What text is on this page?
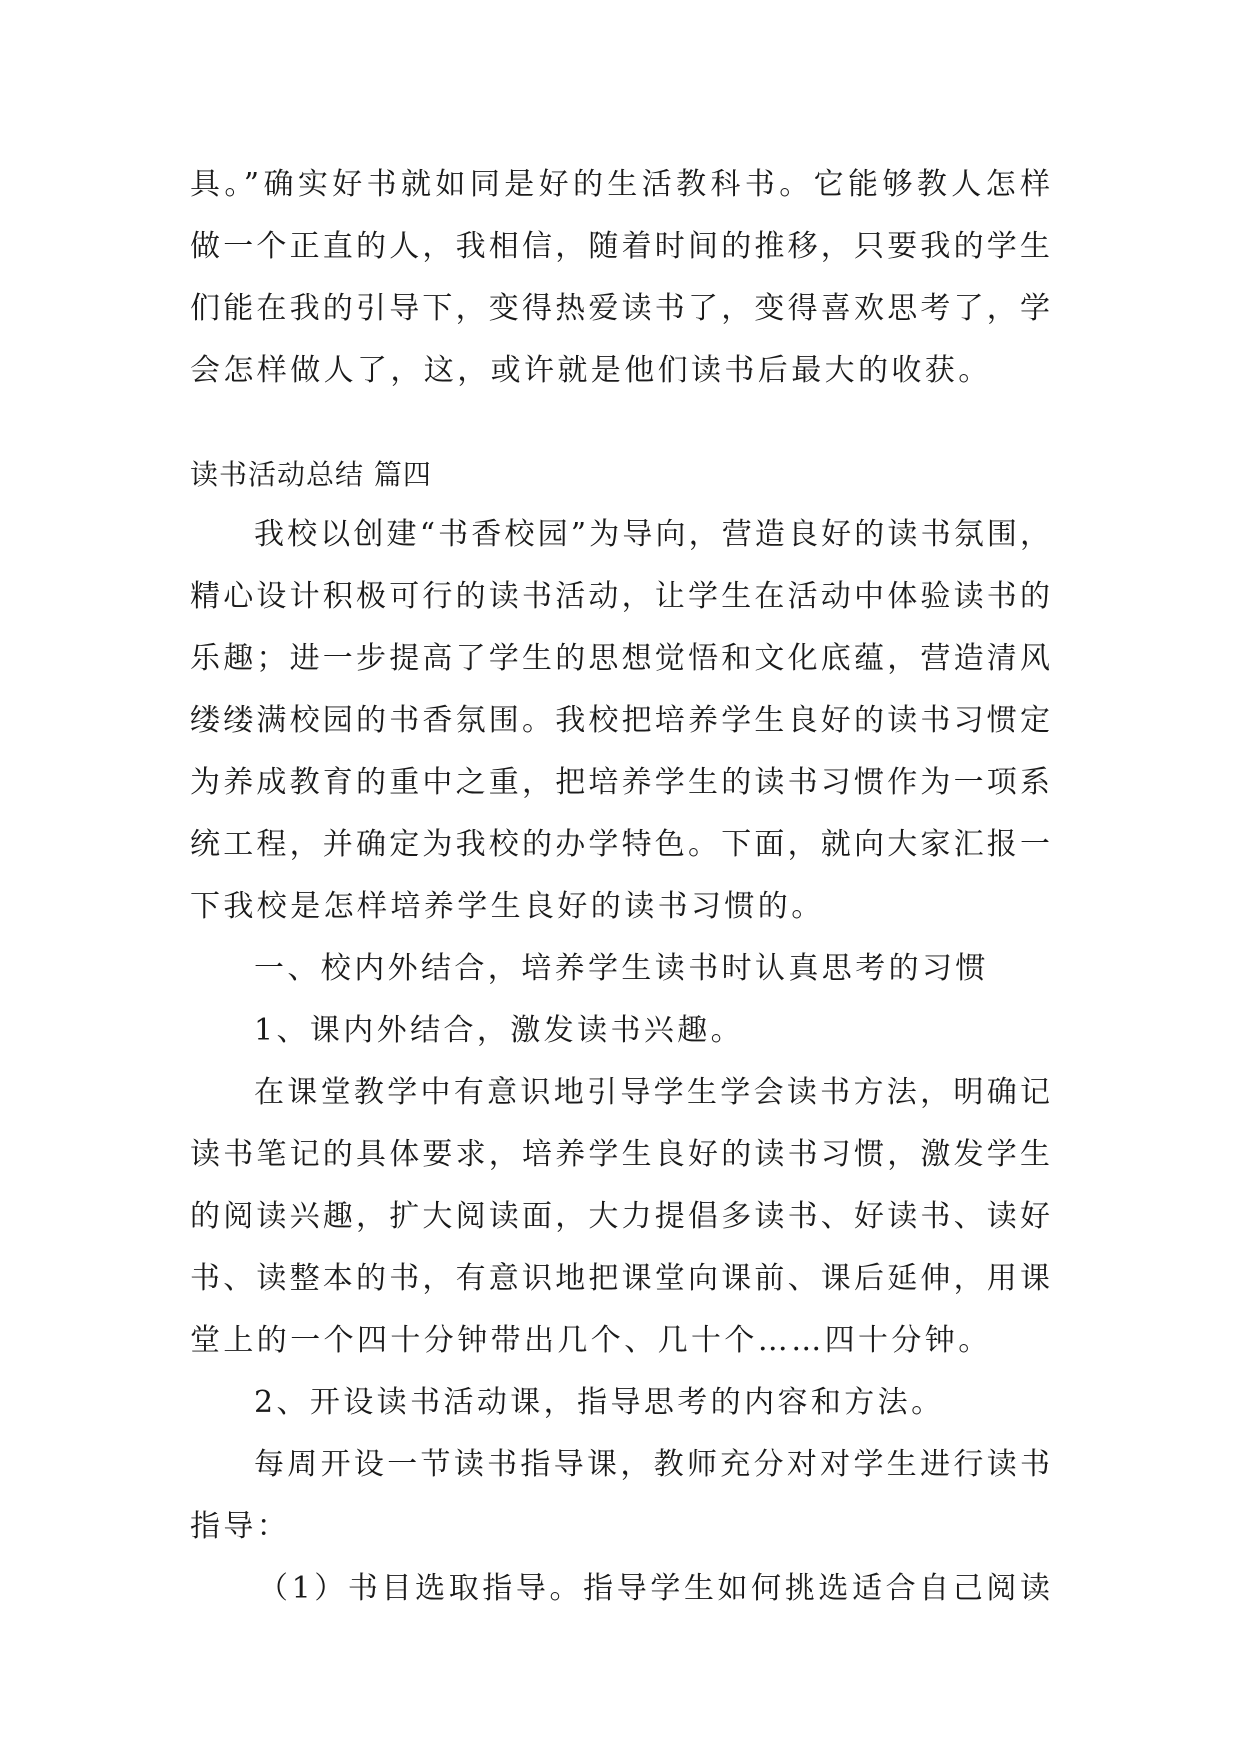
具。”确实好书就如同是好的生活教科书。它能够教人怎样
做一个正直的人，我相信，随着时间的推移，只要我的学生
们能在我的引导下，变得热爱读书了，变得喜欢思考了，学
会怎样做人了，这，或许就是他们读书后最大的收获。
读书活动总结 篇四
我校以创建“书香校园”为导向，营造良好的读书氛围，
精心设计积极可行的读书活动，让学生在活动中体验读书的
乐趣；进一步提高了学生的思想觉悟和文化底蕴，营造清风
缕缕满校园的书香氛围。我校把培养学生良好的读书习惯定
为养成教育的重中之重，把培养学生的读书习惯作为一项系
统工程，并确定为我校的办学特色。下面，就向大家汇报一
下我校是怎样培养学生良好的读书习惯的。
一、校内外结合，培养学生读书时认真思考的习惯
1、课内外结合，激发读书兴趣。
在课堂教学中有意识地引导学生学会读书方法，明确记
读书笔记的具体要求，培养学生良好的读书习惯，激发学生
的阅读兴趣，扩大阅读面，大力提倡多读书、好读书、读好
书、读整本的书，有意识地把课堂向课前、课后延伸，用课
堂上的一个四十分钟带出几个、几十个……四十分钟。
2、开设读书活动课，指导思考的内容和方法。
每周开设一节读书指导课，教师充分对对学生进行读书
指导：
（1）书目选取指导。指导学生如何挑选适合自己阅读
